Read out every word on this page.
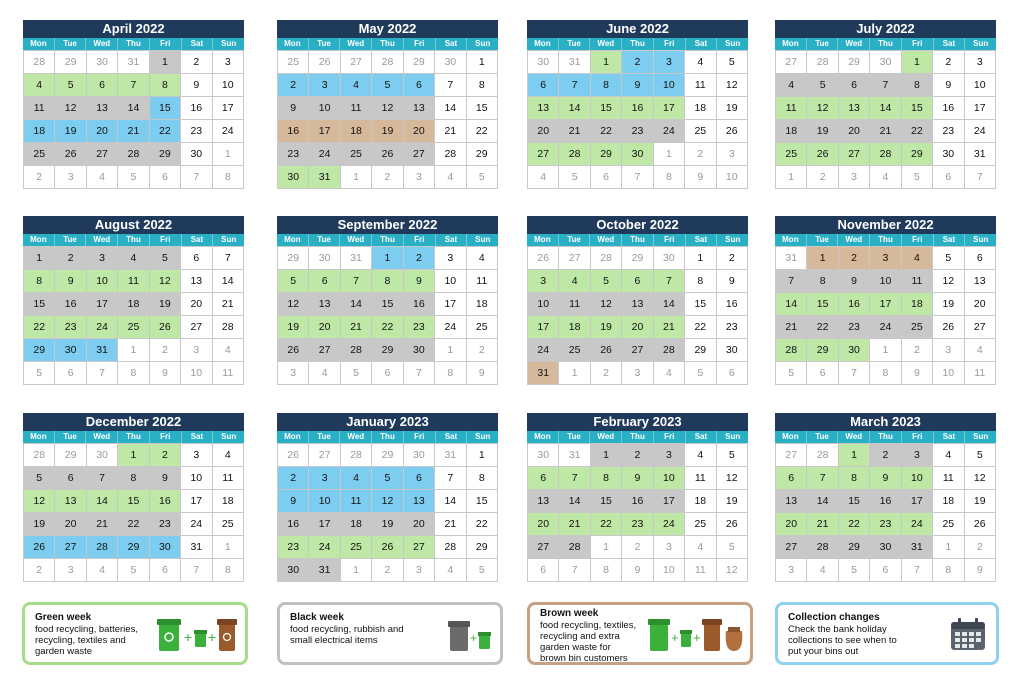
April 2022
Mon	Tue	Wed	Thu	Fri	Sat	Sun
28	29	30	31	1	2	3
4	5	6	7	8	9	10
11	12	13	14	15	16	17
18	19	20	21	22	23	24
25	26	27	28	29	30	1
2	3	4	5	6	7	8
May 2022
Mon	Tue	Wed	Thu	Fri	Sat	Sun
25	26	27	28	29	30	1
2	3	4	5	6	7	8
9	10	11	12	13	14	15
16	17	18	19	20	21	22
23	24	25	26	27	28	29
30	31	1	2	3	4	5
June 2022
Mon	Tue	Wed	Thu	Fri	Sat	Sun
30	31	1	2	3	4	5
6	7	8	9	10	11	12
13	14	15	16	17	18	19
20	21	22	23	24	25	26
27	28	29	30	1	2	3
4	5	6	7	8	9	10
July 2022
Mon	Tue	Wed	Thu	Fri	Sat	Sun
27	28	29	30	1	2	3
4	5	6	7	8	9	10
11	12	13	14	15	16	17
18	19	20	21	22	23	24
25	26	27	28	29	30	31
1	2	3	4	5	6	7
August 2022
Mon	Tue	Wed	Thu	Fri	Sat	Sun
1	2	3	4	5	6	7
8	9	10	11	12	13	14
15	16	17	18	19	20	21
22	23	24	25	26	27	28
29	30	31	1	2	3	4
5	6	7	8	9	10	11
September 2022
Mon	Tue	Wed	Thu	Fri	Sat	Sun
29	30	31	1	2	3	4
5	6	7	8	9	10	11
12	13	14	15	16	17	18
19	20	21	22	23	24	25
26	27	28	29	30	1	2
3	4	5	6	7	8	9
October 2022
Mon	Tue	Wed	Thu	Fri	Sat	Sun
26	27	28	29	30	1	2
3	4	5	6	7	8	9
10	11	12	13	14	15	16
17	18	19	20	21	22	23
24	25	26	27	28	29	30
31	1	2	3	4	5	6
November 2022
Mon	Tue	Wed	Thu	Fri	Sat	Sun
31	1	2	3	4	5	6
7	8	9	10	11	12	13
14	15	16	17	18	19	20
21	22	23	24	25	26	27
28	29	30	1	2	3	4
5	6	7	8	9	10	11
December 2022
Mon	Tue	Wed	Thu	Fri	Sat	Sun
28	29	30	1	2	3	4
5	6	7	8	9	10	11
12	13	14	15	16	17	18
19	20	21	22	23	24	25
26	27	28	29	30	31	1
2	3	4	5	6	7	8
January 2023
Mon	Tue	Wed	Thu	Fri	Sat	Sun
26	27	28	29	30	31	1
2	3	4	5	6	7	8
9	10	11	12	13	14	15
16	17	18	19	20	21	22
23	24	25	26	27	28	29
30	31	1	2	3	4	5
February 2023
Mon	Tue	Wed	Thu	Fri	Sat	Sun
30	31	1	2	3	4	5
6	7	8	9	10	11	12
13	14	15	16	17	18	19
20	21	22	23	24	25	26
27	28	1	2	3	4	5
6	7	8	9	10	11	12
March 2023
Mon	Tue	Wed	Thu	Fri	Sat	Sun
27	28	1	2	3	4	5
6	7	8	9	10	11	12
13	14	15	16	17	18	19
20	21	22	23	24	25	26
27	28	29	30	31	1	2
3	4	5	6	7	8	9
Green week
food recycling, batteries,
recycling, textiles and
garden waste
+ +
Black week
food recycling, rubbish and
small electrical items	+
Brown week
food recycling, textiles,
recycling and extra
garden waste for
brown bin customers
+ +
Collection changes
Check the bank holiday
collections to see when to
put your bins out
